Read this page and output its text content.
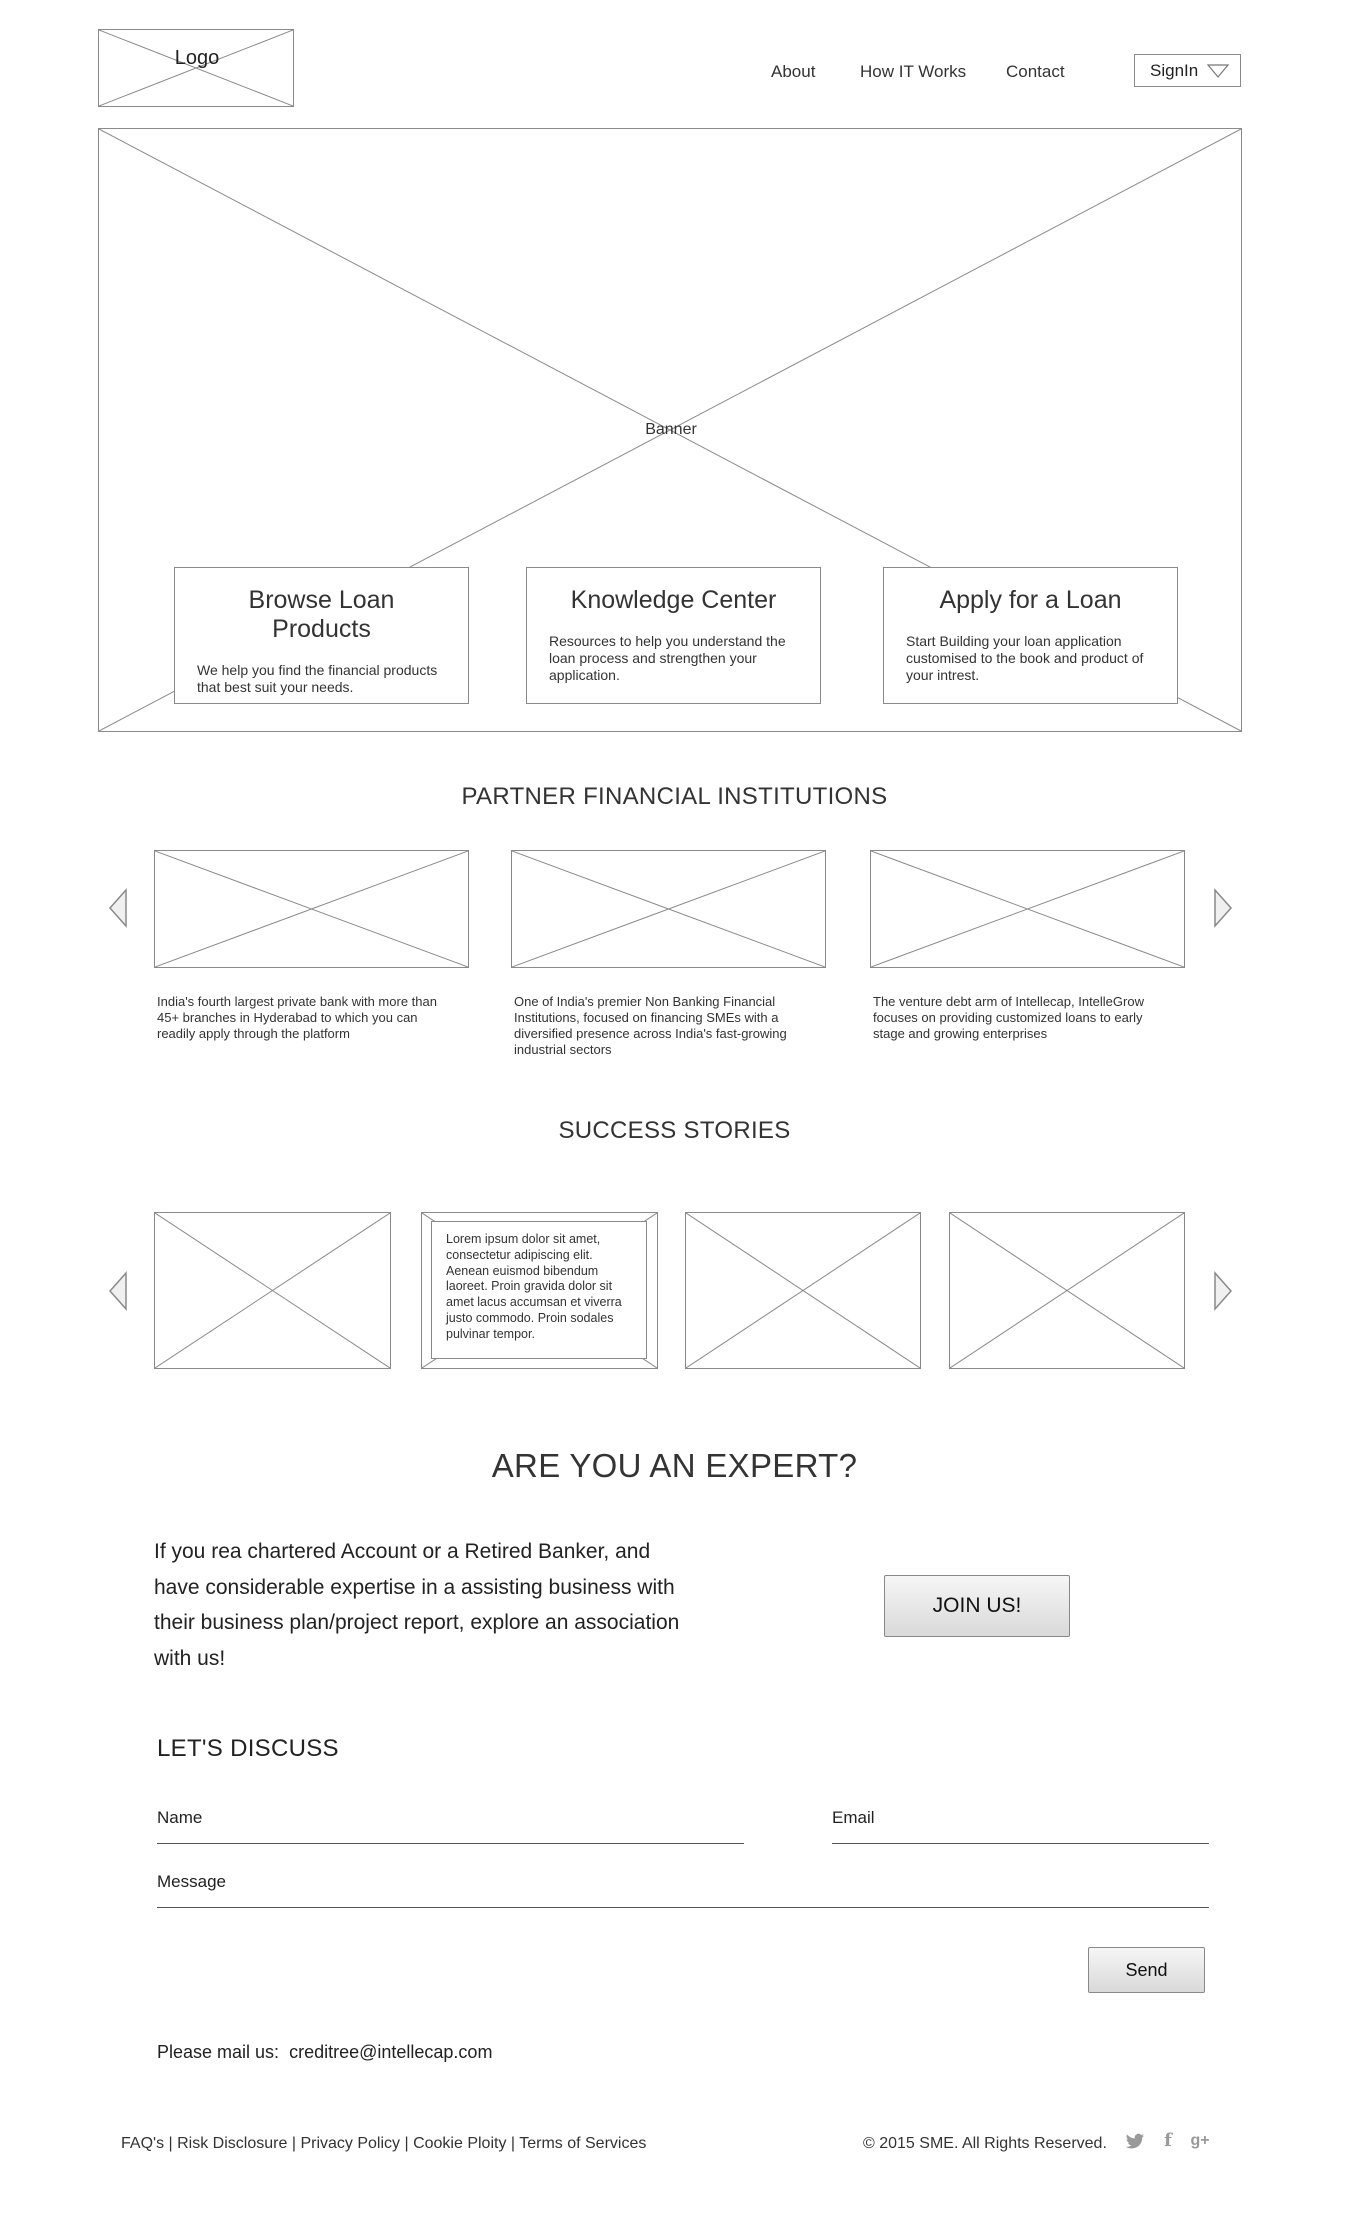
Logo
About	How IT Works Contact	SignIn
Banner
Browse Loan Products

We help you find the financial products that best suit your needs.

Knowledge Center

Resources to help you understand the loan process and strengthen your application.

Apply for a Loan

Start Building your loan application customised to the book and product of your intrest.

PARTNER FINANCIAL INSTITUTIONS
India's fourth largest private bank with more than 45+ branches in Hyderabad to which you can readily apply through the platform
One of India's premier Non Banking Financial Institutions, focused on financing SMEs with a diversified presence across India's fast-growing industrial sectors
The venture debt arm of Intellecap, IntelleGrow focuses on providing customized loans to early stage and growing enterprises
SUCCESS STORIES
Lorem ipsum dolor sit amet, consectetur adipiscing elit. Aenean euismod bibendum laoreet. Proin gravida dolor sit amet lacus accumsan et viverra justo commodo. Proin sodales pulvinar tempor.
ARE YOU AN EXPERT?
If you rea chartered Account or a Retired Banker, and have considerable expertise in a assisting business with their business plan/project report, explore an association with us!
JOIN US!
LET'S DISCUSS
Name	Email
Message
Send
Please mail us: creditree@intellecap.com
FAQ's | Risk Disclosure | Privacy Policy | Cookie Ploity | Terms of Services	© 2015 SME. All Rights Reserved.	f	g+
